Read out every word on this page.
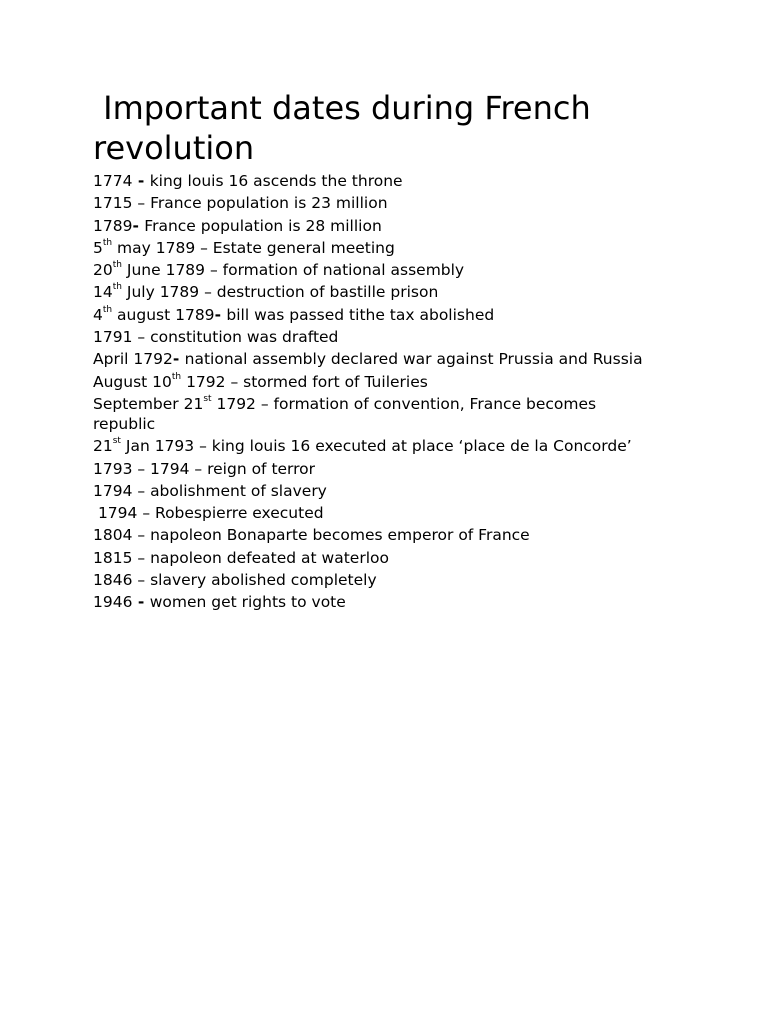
Important dates during French revolution
1774 - king louis 16 ascends the throne
1715 – France population is 23 million
1789- France population is 28 million
5th may 1789 – Estate general meeting
20th June 1789 – formation of national assembly
14th July 1789 – destruction of bastille prison
4th august 1789- bill was passed tithe tax abolished
1791 – constitution was drafted
April 1792- national assembly declared war against Prussia and Russia
August 10th 1792 – stormed fort of Tuileries
September 21st 1792 – formation of convention, France becomes republic
21st Jan 1793 – king louis 16 executed at place ‘place de la Concorde’
1793 – 1794 – reign of terror
1794 – abolishment of slavery
1794 – Robespierre executed
1804 – napoleon Bonaparte becomes emperor of France
1815 – napoleon defeated at waterloo
1846 – slavery abolished completely
1946 - women get rights to vote
